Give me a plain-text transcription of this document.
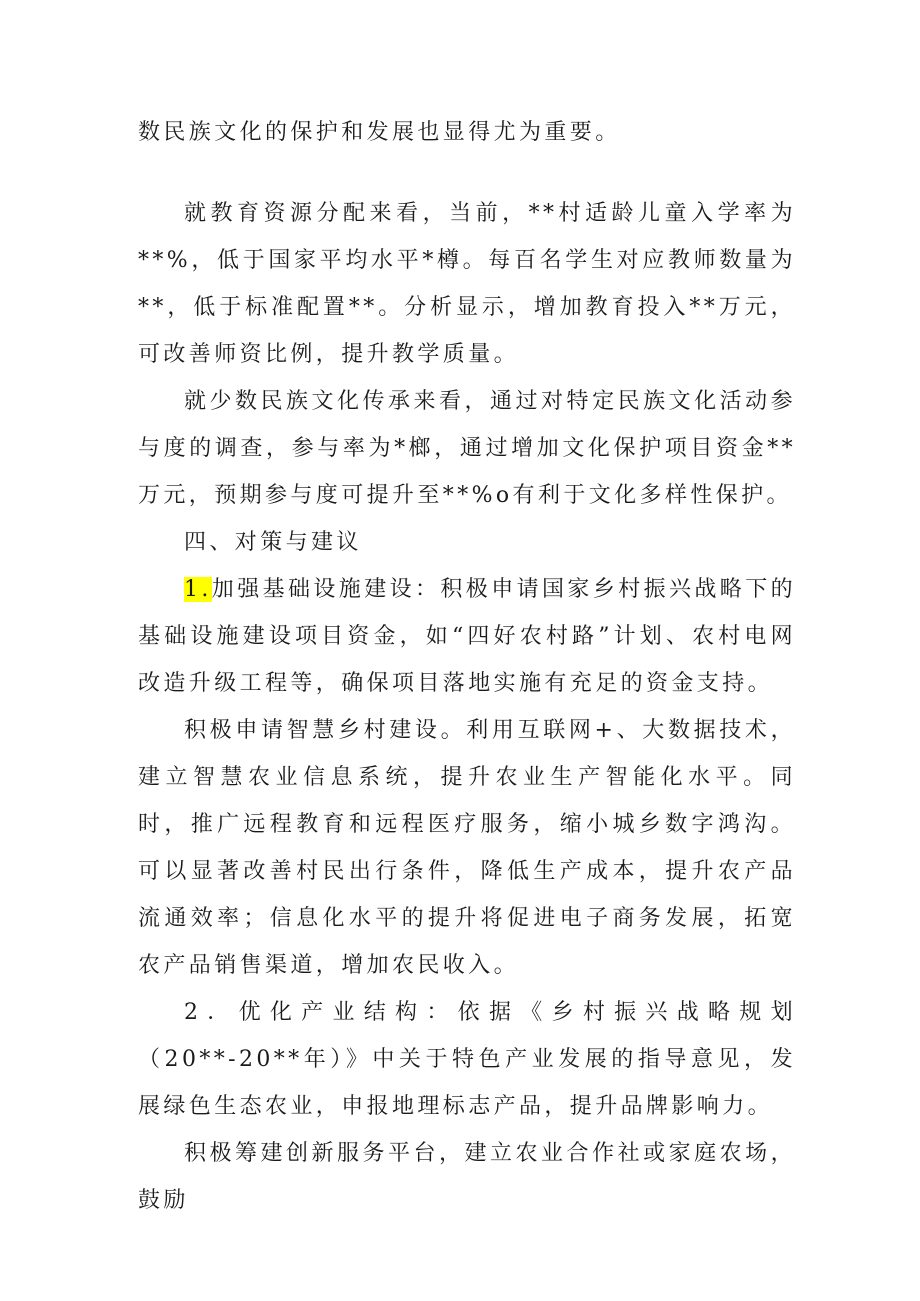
数民族文化的保护和发展也显得尤为重要。

就教育资源分配来看，当前，**村适龄儿童入学率为**%，低于国家平均水平*樽。每百名学生对应教师数量为**，低于标准配置**。分析显示，增加教育投入**万元，可改善师资比例，提升教学质量。

就少数民族文化传承来看，通过对特定民族文化活动参与度的调查，参与率为*榔，通过增加文化保护项目资金**万元，预期参与度可提升至**%o有利于文化多样性保护。

四、对策与建议

1.加强基础设施建设：积极申请国家乡村振兴战略下的基础设施建设项目资金，如“四好农村路”计划、农村电网改造升级工程等，确保项目落地实施有充足的资金支持。

积极申请智慧乡村建设。利用互联网+、大数据技术，建立智慧农业信息系统，提升农业生产智能化水平。同时，推广远程教育和远程医疗服务，缩小城乡数字鸿沟。可以显著改善村民出行条件，降低生产成本，提升农产品流通效率；信息化水平的提升将促进电子商务发展，拓宽农产品销售渠道，增加农民收入。

2．优化产业结构：依据《乡村振兴战略规划（20**-20**年）》中关于特色产业发展的指导意见，发展绿色生态农业，申报地理标志产品，提升品牌影响力。

积极筹建创新服务平台，建立农业合作社或家庭农场，鼓励
